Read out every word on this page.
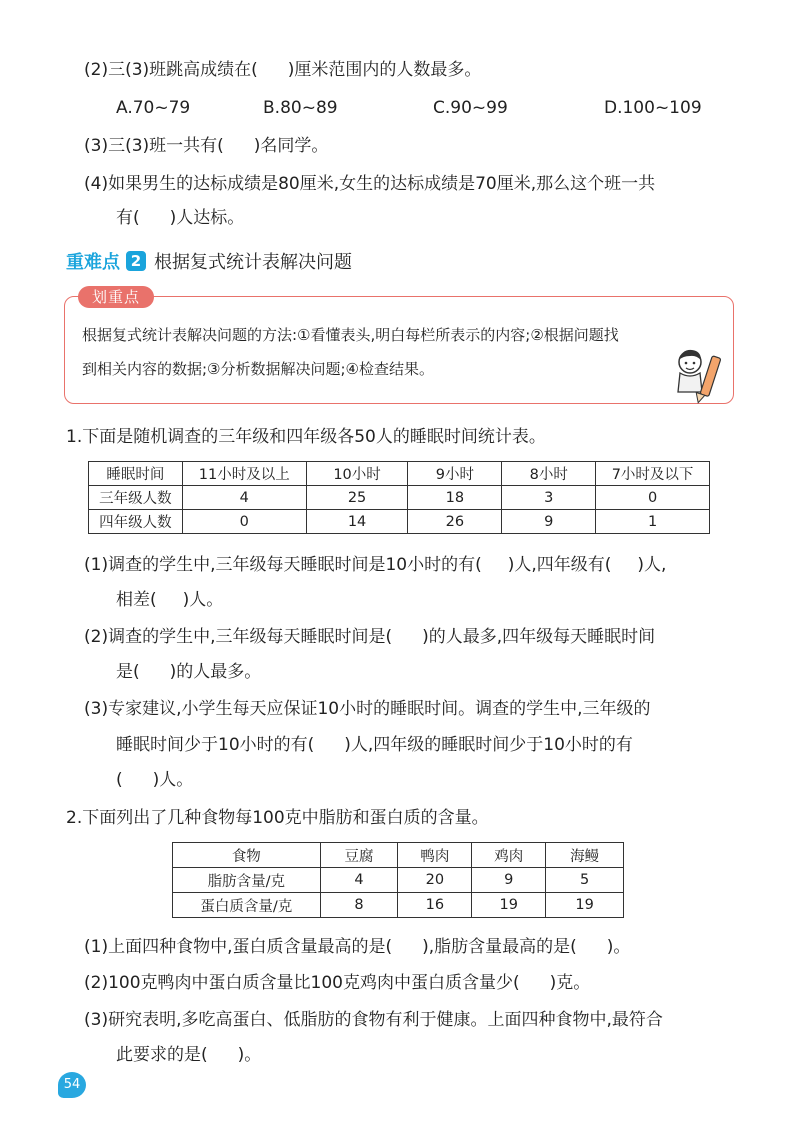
(2)三(3)班跳高成绩在( )厘米范围内的人数最多。
A.70~79	B.80~89	C.90~99	D.100~109
(3)三(3)班一共有( )名同学。
(4)如果男生的达标成绩是80厘米,女生的达标成绩是70厘米,那么这个班一共
有( )人达标。
重难点 2 根据复式统计表解决问题
划重点
根据复式统计表解决问题的方法:①看懂表头,明白每栏所表示的内容;②根据问题找
到相关内容的数据;③分析数据解决问题;④检查结果。
1.下面是随机调查的三年级和四年级各50人的睡眠时间统计表。
睡眠时间	11小时及以上	10小时	9小时	8小时	7小时及以下
三年级人数	4	25	18	3	0
四年级人数	0	14	26	9	1
(1)调查的学生中,三年级每天睡眠时间是10小时的有( )人,四年级有( )人,
相差( )人。
(2)调查的学生中,三年级每天睡眠时间是( )的人最多,四年级每天睡眠时间
是( )的人最多。
(3)专家建议,小学生每天应保证10小时的睡眠时间。调查的学生中,三年级的
睡眠时间少于10小时的有( )人,四年级的睡眠时间少于10小时的有
( )人。
2.下面列出了几种食物每100克中脂肪和蛋白质的含量。
食物	豆腐	鸭肉	鸡肉	海鳗
脂肪含量/克	4	20	9	5
蛋白质含量/克	8	16	19	19
(1)上面四种食物中,蛋白质含量最高的是( ),脂肪含量最高的是( )。
(2)100克鸭肉中蛋白质含量比100克鸡肉中蛋白质含量少( )克。
(3)研究表明,多吃高蛋白、低脂肪的食物有利于健康。上面四种食物中,最符合
此要求的是( )。
54
